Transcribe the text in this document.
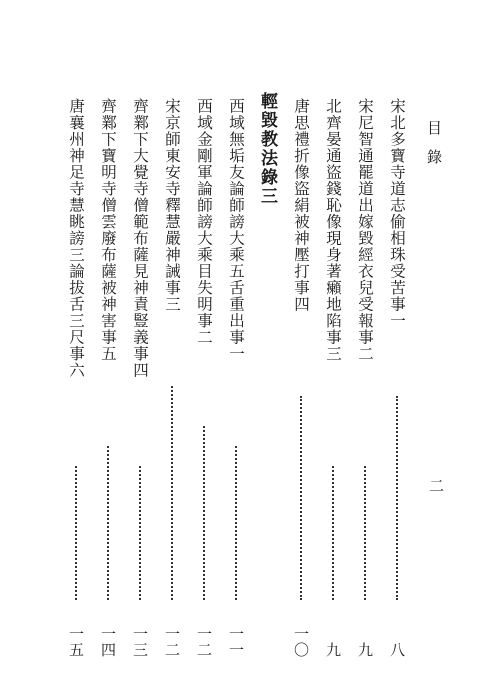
目錄
二
宋北多寶寺道志偷相珠受苦事一
八
宋尼智通罷道出嫁毀經衣兒受報事二
九
北齊晏通盜錢恥像現身著癩地陷事三
九
唐思禮折像盜絹被神壓打事四
一〇
輕毀教法錄三
西域無垢友論師謗大乘五舌重出事一
一一
西域金剛軍論師謗大乘目失明事二
一二
宋京師東安寺釋慧嚴神誡事三
一二
齊鄴下大覺寺僧範布薩見神責豎義事四
一三
齊鄴下寶明寺僧雲廢布薩被神害事五
一四
唐襄州神足寺慧眺謗三論拔舌三尺事六
一五
